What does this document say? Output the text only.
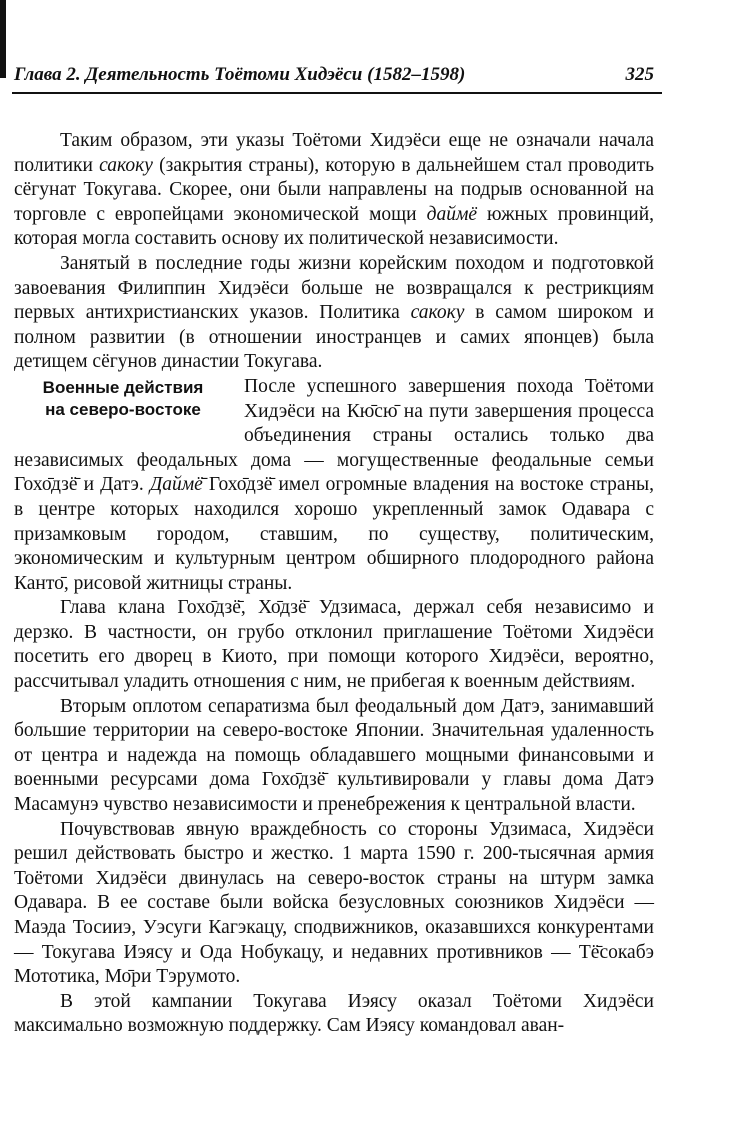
Глава 2. Деятельность Тоётоми Хидэёси (1582–1598)	325

Таким образом, эти указы Тоётоми Хидэёси еще не означали начала политики сакоку (закрытия страны), которую в дальнейшем стал проводить сёгунат Токугава. Скорее, они были направлены на подрыв основанной на торговле с европейцами экономической мощи даймё южных провинций, которая могла составить основу их политической независимости.

Занятый в последние годы жизни корейским походом и подготовкой завоевания Филиппин Хидэёси больше не возвращался к рестрикциям первых антихристианских указов. Политика сакоку в самом широком и полном развитии (в отношении иностранцев и самих японцев) была детищем сёгунов династии Токугава.

Военные действия
на северо-востоке

После успешного завершения похода Тоётоми Хидэёси на Кю̄сю̄ на пути завершения процесса объединения страны остались только два независимых феодальных дома — могущественные феодальные семьи Гохо̄дзё̄ и Датэ. Даймё̄ Гохо̄дзё̄ имел огромные владения на востоке страны, в центре которых находился хорошо укрепленный замок Одавара с призамковым городом, ставшим, по существу, политическим, экономическим и культурным центром обширного плодородного района Канто̄, рисовой житницы страны.

Глава клана Гохо̄дзё̄, Хо̄дзё̄ Удзимаса, держал себя независимо и дерзко. В частности, он грубо отклонил приглашение Тоётоми Хидэёси посетить его дворец в Киото, при помощи которого Хидэёси, вероятно, рассчитывал уладить отношения с ним, не прибегая к военным действиям.

Вторым оплотом сепаратизма был феодальный дом Датэ, занимавший большие территории на северо-востоке Японии. Значительная удаленность от центра и надежда на помощь обладавшего мощными финансовыми и военными ресурсами дома Гохо̄дзё̄ культивировали у главы дома Датэ Масамунэ чувство независимости и пренебрежения к центральной власти.

Почувствовав явную враждебность со стороны Удзимаса, Хидэёси решил действовать быстро и жестко. 1 марта 1590 г. 200-тысячная армия Тоётоми Хидэёси двинулась на северо-восток страны на штурм замка Одавара. В ее составе были войска безусловных союзников Хидэёси — Маэда Тосииэ, Уэсуги Кагэкацу, сподвижников, оказавшихся конкурентами — Токугава Иэясу и Ода Нобукацу, и недавних противников — Тё̄сокабэ Мототика, Мо̄ри Тэрумото.

В этой кампании Токугава Иэясу оказал Тоётоми Хидэёси максимально возможную поддержку. Сам Иэясу командовал аван-
